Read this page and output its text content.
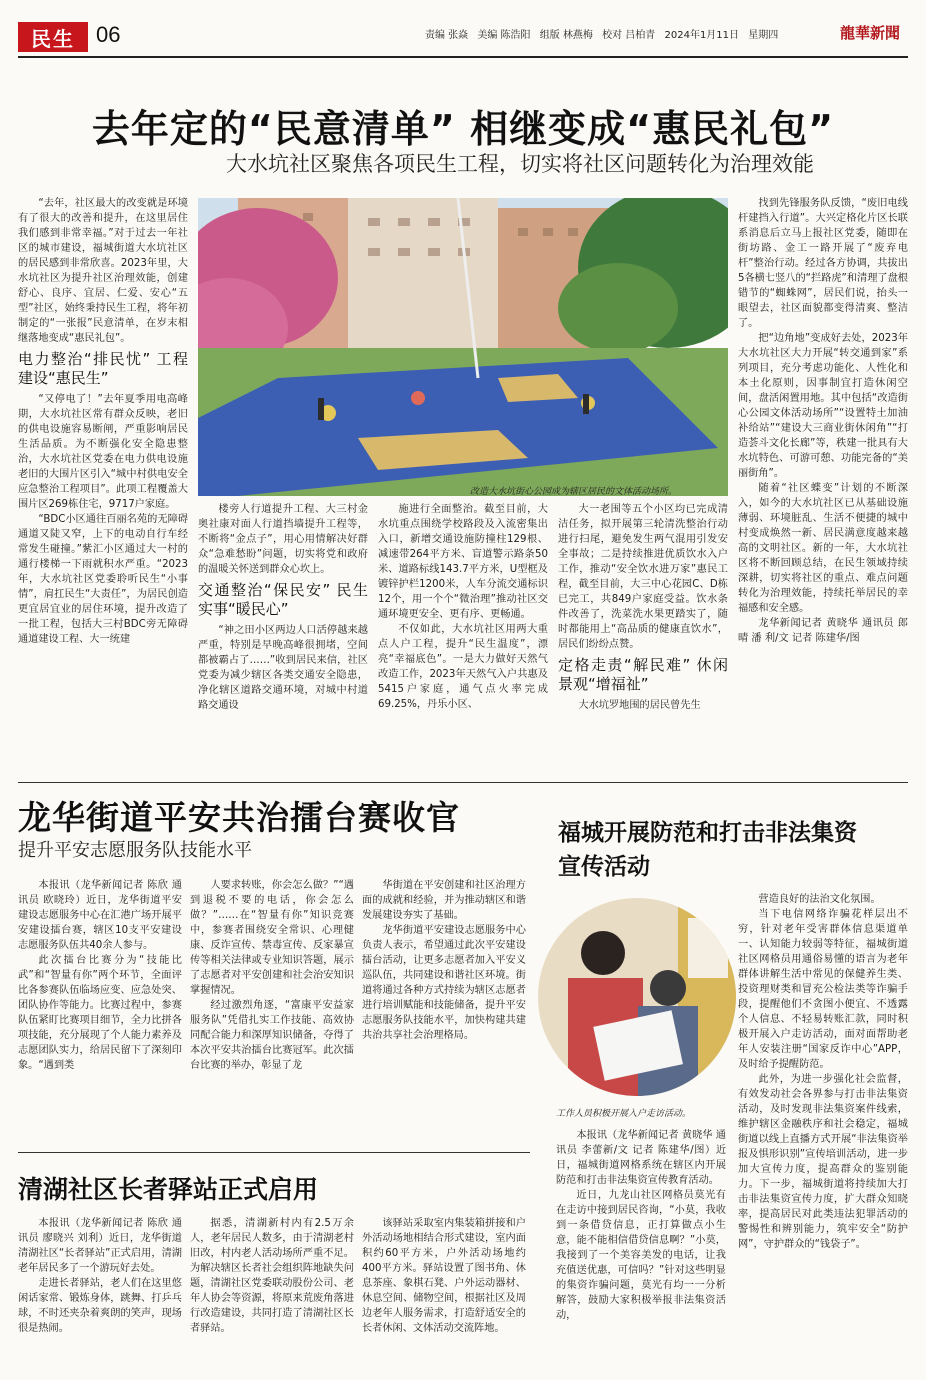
民生 06	责编 张焱 美编 陈浩阳 组版 林燕梅 校对 吕柏青 2024年1月11日 星期四	龍華新聞
去年定的“民意清单” 相继变成“惠民礼包”
大水坑社区聚焦各项民生工程，切实将社区问题转化为治理效能

“去年，社区最大的改变就是环境有了很大的改善和提升，在这里居住我们感到非常幸福。”对于过去一年社区的城市建设，福城街道大水坑社区的居民感到非常欣喜。2023年里，大水坑社区为提升社区治理效能，创建舒心、良序、宜居、仁爱、安心“五型”社区，始终秉持民生工程，将年初制定的“一张报”民意清单，在岁末相继落地变成“惠民礼包”。

电力整治“排民忧” 工程建设“惠民生”

“又停电了！”去年夏季用电高峰期，大水坑社区常有群众反映，老旧的供电设施容易断闸，严重影响居民生活品质。为不断强化安全隐患整治，大水坑社区党委在电力供电设施老旧的大围片区引入“城中村供电安全应急整治工程项目”。此项工程覆盖大围片区269栋住宅，9717户家庭。

“BDC小区通往百丽名苑的无障碍通道又陡又窄，上下的电动自行车经常发生碰撞。”紫汇小区通过大一村的通行楼梯一下雨就积水严重。“2023年，大水坑社区党委聆听民生“小事情”，肩扛民生“大责任”，为居民创造更宜居宜业的居住环境，提升改造了一批工程，包括大三村BDC旁无障碍通道建设工程、大一统建

改造大水坑街心公园成为辖区居民的文体活动场所。

楼旁人行道提升工程、大三村金奥社康对面人行道挡墙提升工程等，不断将“金点子”，用心用情解决好群众“急难愁盼”问题，切实将党和政府的温暖关怀送到群众心坎上。

交通整治“保民安” 民生实事“暖民心”

“神之田小区两边人口活停越来越严重，特别是早晚高峰很拥堵，空间都被霸占了……”收到居民来信，社区党委为减少辖区各类交通安全隐患，净化辖区道路交通环境，对城中村道路交通设

施进行全面整治。截至目前，大水坑重点围绕学校路段及入流密集出入口，新增交通设施防撞柱129根、减速带264平方米、盲道警示路条50米、道路标线143.7平方米，U型框及镀锌护栏1200米，人车分流交通标识12个，用一个个“微治理”推动社区交通环境更安全、更有序、更畅通。

不仅如此，大水坑社区用两大重点人户工程，提升“民生温度”，漂亮“幸福底色”。一是大力做好天然气改造工作，2023年天然气入户共惠及5415户家庭，通气点火率完成69.25%，丹乐小区、

大一老围等五个小区均已完成清洁任务，拟开展第三轮清洗整治行动进行扫尾，避免发生两气混用引发安全事故；二是持续推进优质饮水入户工作，推动“安全饮水进万家”惠民工程，截至目前，大三中心花园C、D栋已完工，共849户家庭受益。饮水条件改善了，洗菜洗水果更踏实了，随时都能用上“高品质的健康直饮水”，居民们纷纷点赞。

定格走责“解民难” 休闲景观“增福祉”

大水坑罗地围的居民曾先生

找到先锋服务队反馈，“废旧电线杆建挡入行道”。大兴定格化片区长联系消息后立马上报社区党委，随即在街坊路、金工一路开展了“废弃电杆”整治行动。经过各方协调，共拔出5各横七竖八的“拦路虎”和清理了盘根错节的“蜘蛛网”，居民们说，抬头一眼望去，社区面貌都变得清爽、整洁了。

把“边角地”变成好去处，2023年大水坑社区大力开展“转交通到家”系列项目，充分考虑功能化、人性化和本土化原则，因事制宜打造休闲空间，盘活闲置用地。其中包括“改造街心公园文体活动场所”“设置特土加油补给站”“建设大三商业街休闲角”“打造荟斗文化长廊”等，秩建一批具有大水坑特色、可游可憩、功能完备的“美丽街角”。

随着“社区蝶变”计划的不断深入，如今的大水坑社区已从基础设施薄弱、环境脏乱、生活不便捷的城中村变成焕然一新、居民满意度越来越高的文明社区。新的一年，大水坑社区将不断回顾总结，在民生领域持续深耕，切实将社区的重点、难点问题转化为治理效能，持续托举居民的幸福感和安全感。

龙华新闻记者 黄晓华 通讯员 郎 晴 潘 利/文 记者 陈建华/图

龙华街道平安共治擂台赛收官
提升平安志愿服务队技能水平

本报讯（龙华新闻记者 陈欣 通讯员 欧晓玲）近日，龙华街道平安建设志愿服务中心在汇港广场开展平安建设擂台赛，辖区10支平安建设志愿服务队伍共40余人参与。

此次擂台比赛分为“技能比武”和“智量有你”两个环节，全面评比各参赛队伍临场应变、应急处突、团队协作等能力。比赛过程中，参赛队伍紧盯比赛项目细节，全力比拼各项技能，充分展现了个人能力素养及志愿团队实力，给居民留下了深刻印象。“遇到类

人要求转账，你会怎么做？”“遇到退税不要的电话，你会怎么做？”……在“智量有你”知识竞赛中，参赛者围绕安全常识、心理健康、反诈宣传、禁毒宣传、反家暴宣传等相关法律或专业知识答题，展示了志愿者对平安创建和社会治安知识掌握情况。

经过激烈角逐，“富康平安益家服务队”凭借扎实工作技能、高效协同配合能力和深厚知识储备，夺得了本次平安共治擂台比赛冠军。此次擂台比赛的举办，彰显了龙

华街道在平安创建和社区治理方面的成就和经验，并为推动辖区和谐发展建设夯实了基础。

龙华街道平安建设志愿服务中心负责人表示，希望通过此次平安建设擂台活动，让更多志愿者加入平安义巡队伍，共同建设和谐社区环境。街道将通过各种方式持续为辖区志愿者进行培训赋能和技能储备，提升平安志愿服务队技能水平，加快构建共建共治共享社会治理格局。

福城开展防范和打击非法集资宣传活动
工作人员积极开展入户走访活动。

本报讯（龙华新闻记者 黄晓华 通讯员 李蕾新/文 记者 陈建华/图）近日，福城街道网格系统在辖区内开展防范和打击非法集资宣传教育活动。

近日，九龙山社区网格员莫光有在走访中接到居民咨询，“小莫，我收到一条借贷信息，正打算做点小生意，能不能相信借贷信息啊？”小莫，我接到了一个美容美发的电话，让我充值送优惠，可信吗？”针对这些明显的集资诈骗问题，莫光有均一一分析解答，鼓励大家积极举报非法集资活动，

营造良好的法治文化氛围。

当下电信网络诈骗花样层出不穷，针对老年受害群体信息渠道单一、认知能力较弱等特征，福城街道社区网格员用通俗易懂的语言为老年群体讲解生活中常见的保健养生类、投资理财类和冒充公检法类等诈骗手段，提醒他们不贪图小便宜、不透露个人信息、不轻易转账汇款，同时积极开展入户走访活动，面对面帮助老年人安装注册“国家反诈中心”APP，及时给予提醒防范。

此外，为进一步强化社会监督，有效发动社会各界参与打击非法集资活动，及时发现非法集资案件线索，维护辖区金融秩序和社会稳定，福城街道以线上直播方式开展“非法集资举报及惧形识别”宣传培训活动，进一步加大宣传力度，提高群众的鉴别能力。下一步，福城街道将持续加大打击非法集资宣传力度，扩大群众知晓率，提高居民对此类违法犯罪活动的警惕性和辨别能力，筑牢安全“防护网”，守护群众的“钱袋子”。

清湖社区长者驿站正式启用

本报讯（龙华新闻记者 陈欣 通讯员 廖晓兴 刘利）近日，龙华街道清湖社区“长者驿站”正式启用，清湖老年居民多了一个游玩好去处。

走进长者驿站，老人们在这里悠闲话家常、锻炼身体，跳舞、打乒乓球，不时还夹杂着爽朗的笑声，现场很是热闹。

据悉，清湖新村内有2.5万余人，老年居民人数多，由于清湖老村旧改，村内老人活动场所严重不足。为解决辖区长者社会组织阵地缺失问题，清湖社区党委联动股份公司、老年人协会等资源，将原来荒废角落进行改造建设，共同打造了清湖社区长者驿站。

该驿站采取室内集装箱拼接和户外活动场地相结合形式建设，室内面积约60平方米，户外活动场地约400平方米。驿站设置了图书角、休息茶座、象棋石凳、户外运动器材、休息空间、储物空间，根据社区及周边老年人服务需求，打造舒适安全的长者休闲、文体活动交流阵地。
